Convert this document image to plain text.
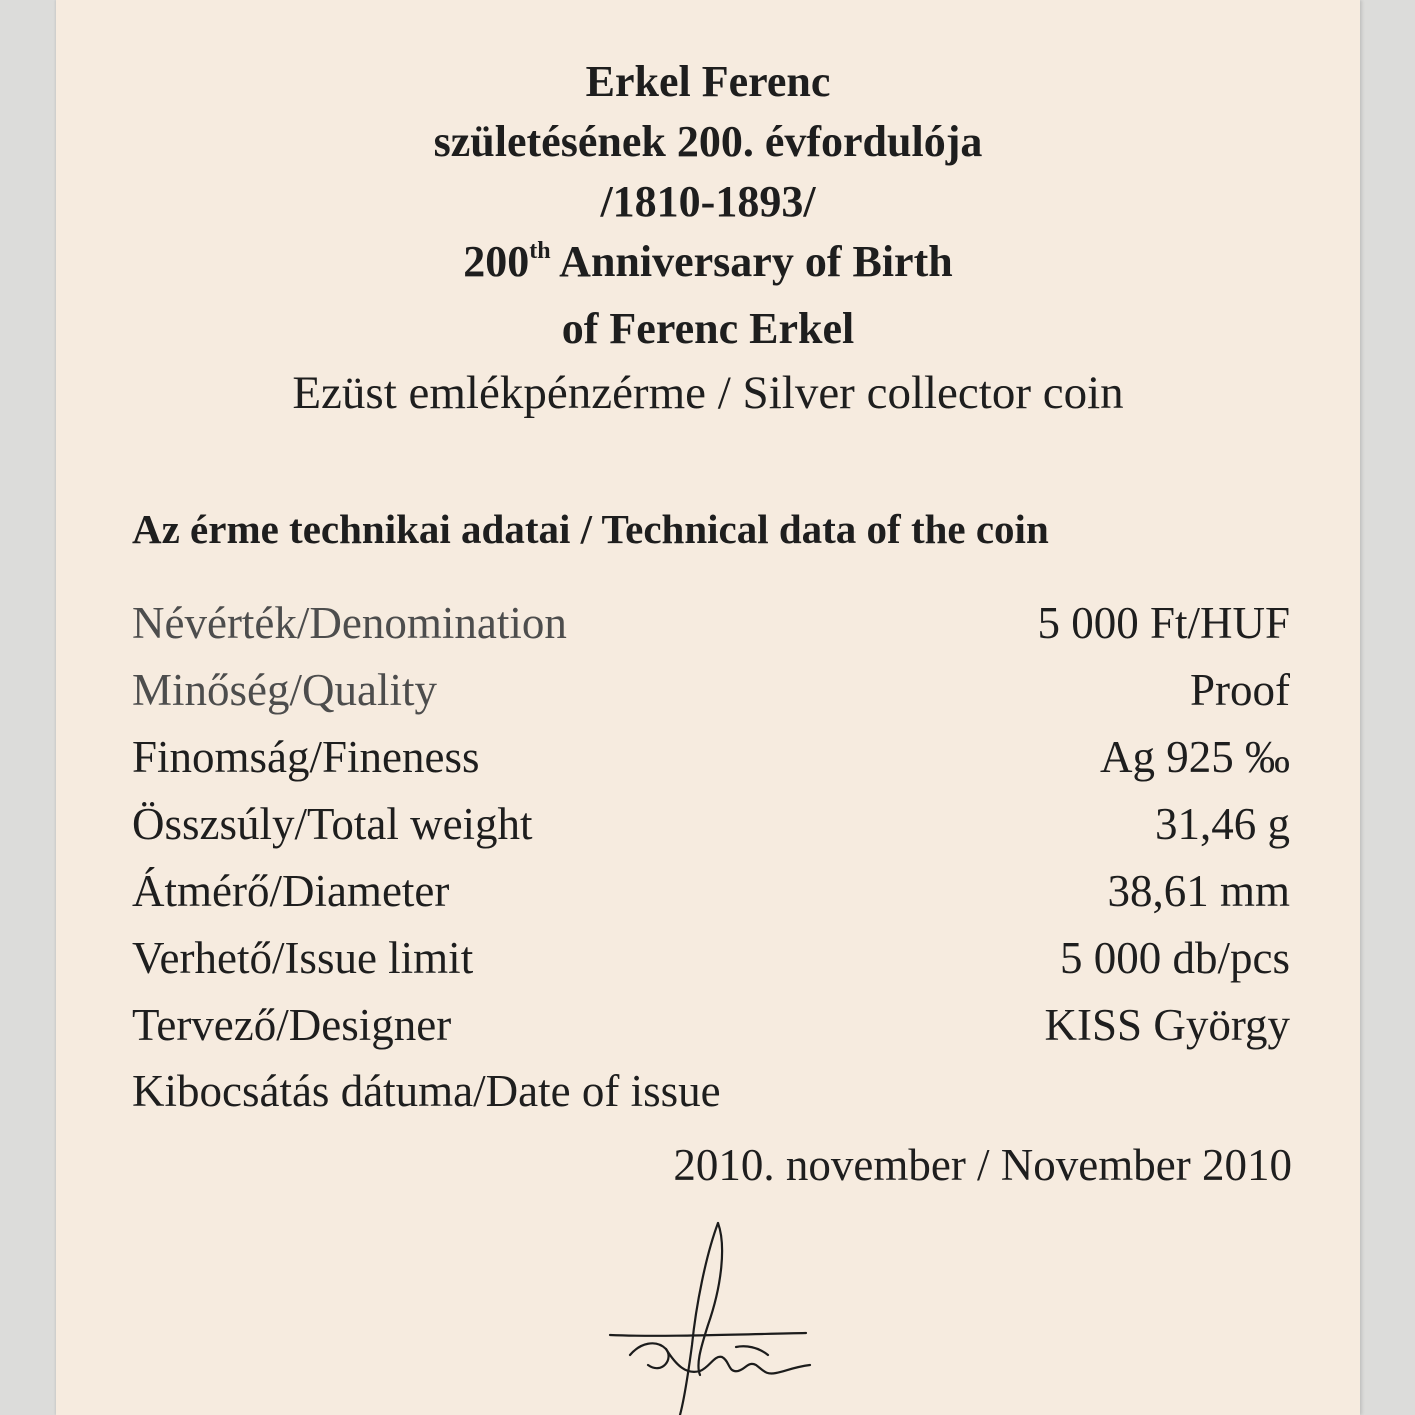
Erkel Ferenc
születésének 200. évfordulója
/1810-1893/
200th Anniversary of Birth
of Ferenc Erkel
Ezüst emlékpénzérme / Silver collector coin
Az érme technikai adatai / Technical data of the coin
Névérték/Denomination	5 000 Ft/HUF
Minőség/Quality	Proof
Finomság/Fineness	Ag 925 ‰
Összsúly/Total weight	31,46 g
Átmérő/Diameter	38,61 mm
Verhető/Issue limit	5 000 db/pcs
Tervező/Designer	KISS György
Kibocsátás dátuma/Date of issue
2010. november / November 2010
